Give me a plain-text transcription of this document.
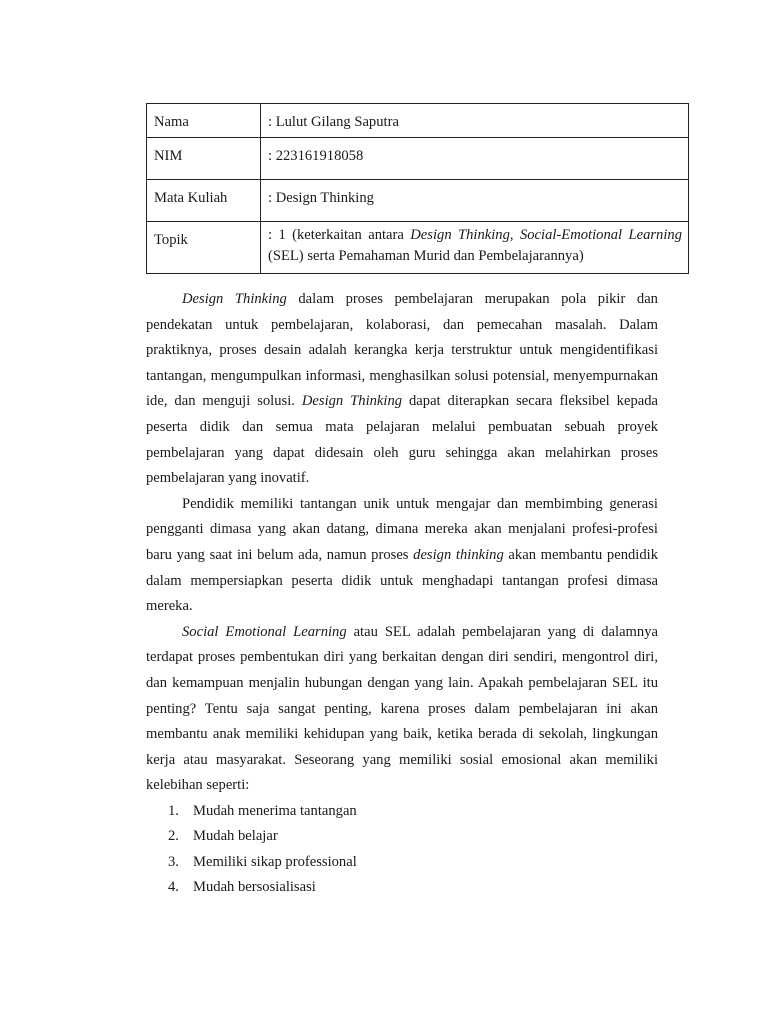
Nama	: Lulut Gilang Saputra
NIM	: 223161918058
Mata Kuliah	: Design Thinking
Topik	: 1 (keterkaitan antara Design Thinking, Social-Emotional Learning (SEL) serta Pemahaman Murid dan Pembelajarannya)

Design Thinking dalam proses pembelajaran merupakan pola pikir dan pendekatan untuk pembelajaran, kolaborasi, dan pemecahan masalah. Dalam praktiknya, proses desain adalah kerangka kerja terstruktur untuk mengidentifikasi tantangan, mengumpulkan informasi, menghasilkan solusi potensial, menyempurnakan ide, dan menguji solusi. Design Thinking dapat diterapkan secara fleksibel kepada peserta didik dan semua mata pelajaran melalui pembuatan sebuah proyek pembelajaran yang dapat didesain oleh guru sehingga akan melahirkan proses pembelajaran yang inovatif.

Pendidik memiliki tantangan unik untuk mengajar dan membimbing generasi pengganti dimasa yang akan datang, dimana mereka akan menjalani profesi-profesi baru yang saat ini belum ada, namun proses design thinking akan membantu pendidik dalam mempersiapkan peserta didik untuk menghadapi tantangan profesi dimasa mereka.

Social Emotional Learning atau SEL adalah pembelajaran yang di dalamnya terdapat proses pembentukan diri yang berkaitan dengan diri sendiri, mengontrol diri, dan kemampuan menjalin hubungan dengan yang lain. Apakah pembelajaran SEL itu penting? Tentu saja sangat penting, karena proses dalam pembelajaran ini akan membantu anak memiliki kehidupan yang baik, ketika berada di sekolah, lingkungan kerja atau masyarakat. Seseorang yang memiliki sosial emosional akan memiliki kelebihan seperti:

1. Mudah menerima tantangan
2. Mudah belajar
3. Memiliki sikap professional
4. Mudah bersosialisasi
